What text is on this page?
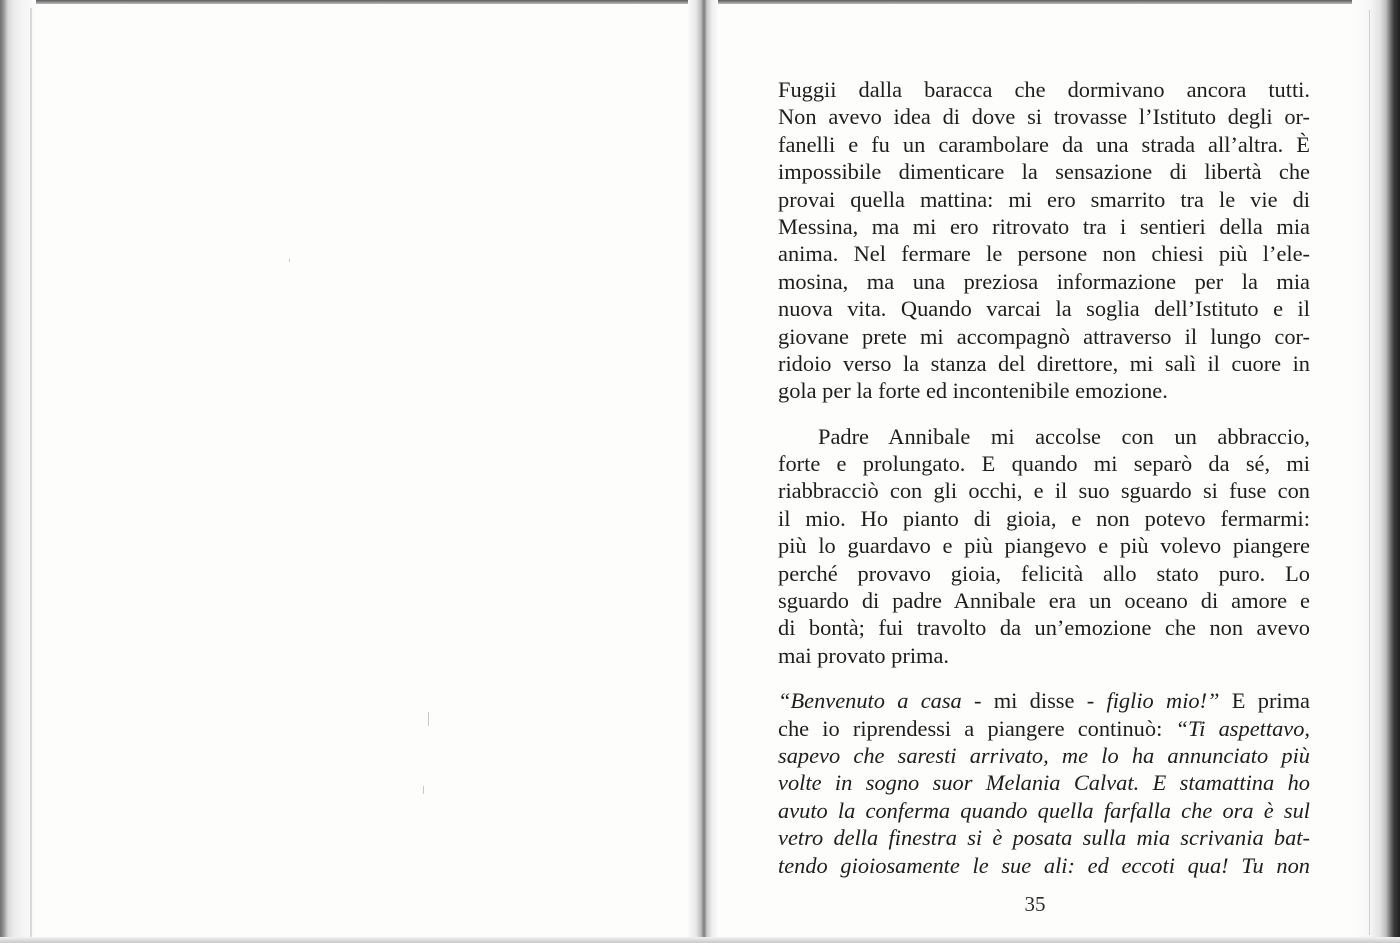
Fuggii dalla baracca che dormivano ancora tutti.
Non avevo idea di dove si trovasse l’Istituto degli or-
fanelli e fu un carambolare da una strada all’altra. È
impossibile dimenticare la sensazione di libertà che
provai quella mattina: mi ero smarrito tra le vie di
Messina, ma mi ero ritrovato tra i sentieri della mia
anima. Nel fermare le persone non chiesi più l’ele-
mosina, ma una preziosa informazione per la mia
nuova vita. Quando varcai la soglia dell’Istituto e il
giovane prete mi accompagnò attraverso il lungo cor-
ridoio verso la stanza del direttore, mi salì il cuore in
gola per la forte ed incontenibile emozione.

Padre Annibale mi accolse con un abbraccio,
forte e prolungato. E quando mi separò da sé, mi
riabbracciò con gli occhi, e il suo sguardo si fuse con
il mio. Ho pianto di gioia, e non potevo fermarmi:
più lo guardavo e più piangevo e più volevo piangere
perché provavo gioia, felicità allo stato puro. Lo
sguardo di padre Annibale era un oceano di amore e
di bontà; fui travolto da un’emozione che non avevo
mai provato prima.

“Benvenuto a casa - mi disse - figlio mio!” E prima
che io riprendessi a piangere continuò: “Ti aspettavo,
sapevo che saresti arrivato, me lo ha annunciato più
volte in sogno suor Melania Calvat. E stamattina ho
avuto la conferma quando quella farfalla che ora è sul
vetro della finestra si è posata sulla mia scrivania bat-
tendo gioiosamente le sue ali: ed eccoti qua! Tu non

35
